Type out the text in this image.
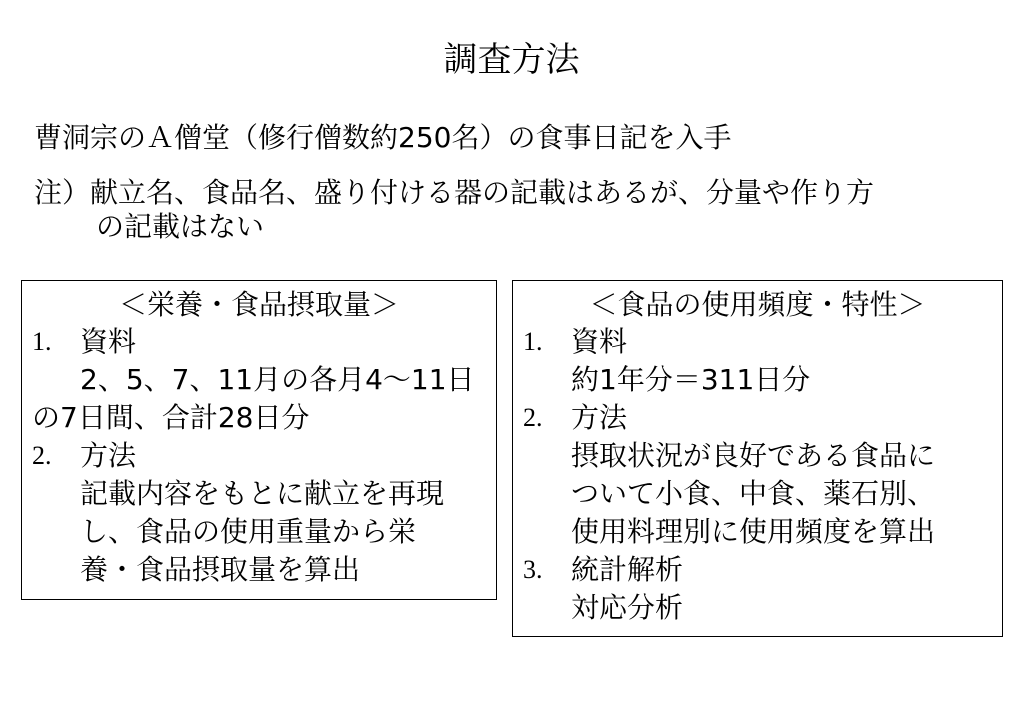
調査方法
曹洞宗のＡ僧堂（修行僧数約250名）の食事日記を入手
注）献立名、食品名、盛り付ける器の記載はあるが、分量や作り方
の記載はない
＜栄養・食品摂取量＞
1.	資料
2、5、7、11月の各月4～11日
の7日間、合計28日分
2.	方法
記載内容をもとに献立を再現
し、食品の使用重量から栄
養・食品摂取量を算出
＜食品の使用頻度・特性＞
1.	資料
約1年分＝311日分
2.	方法
摂取状況が良好である食品に
ついて小食、中食、薬石別、
使用料理別に使用頻度を算出
3.	統計解析
対応分析
